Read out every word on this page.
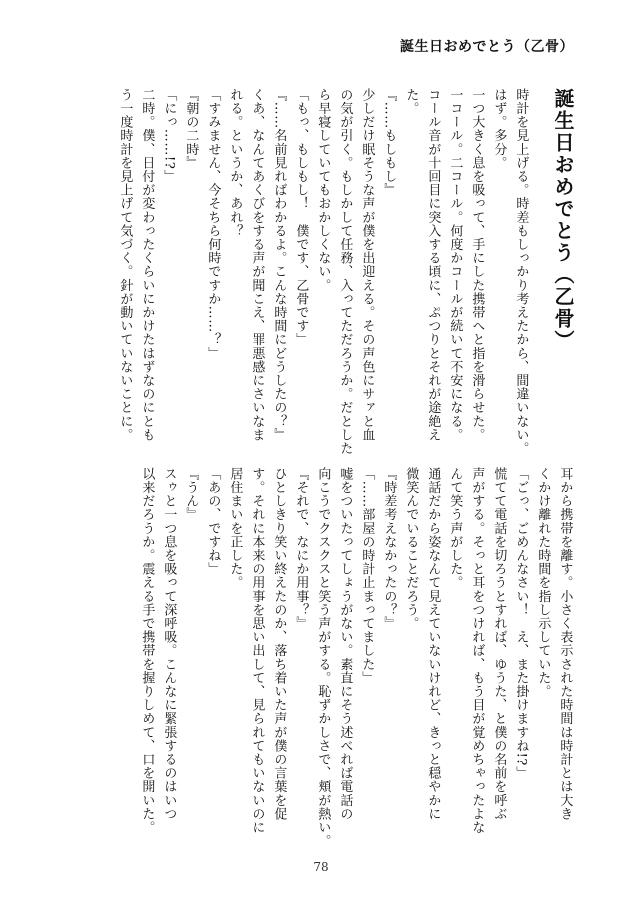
誕生日おめでとう（乙骨）
誕生日おめでとう（乙骨）
時計を見上げる。時差もしっかり考えたから、間違いない。
はず。多分。
一つ大きく息を吸って、手にした携帯へと指を滑らせた。
一コール。二コール。何度かコールが続いて不安になる。
コール音が十回目に突入する頃に、ぷつりとそれが途絶え
た。
『……もしもし』
少しだけ眠そうな声が僕を出迎える。その声色にサァと血
の気が引く。もしかして任務、入ってただろうか。だとした
ら早寝していてもおかしくない。
「もっ、もしもし！　僕です、乙骨です」
『……名前見ればわかるよ。こんな時間にどうしたの？』
くあ、なんてあくびをする声が聞こえ、罪悪感にさいなま
れる。というか、あれ？
「すみません、今そちら何時ですか……？」
『朝の二時』
「にっ……!?」
二時。僕、日付が変わったくらいにかけたはずなのにとも
う一度時計を見上げて気づく。針が動いていないことに。
耳から携帯を離す。小さく表示された時間は時計とは大き
くかけ離れた時間を指し示していた。
「ごっ、ごめんなさい！　え、また掛けますね!?」
慌てて電話を切ろうとすれば、ゆうた、と僕の名前を呼ぶ
声がする。そっと耳をつければ、もう目が覚めちゃったよな
んて笑う声がした。
通話だから姿なんて見えていないけれど、きっと穏やかに
微笑んでいることだろう。
『時差考えなかったの？』
「……部屋の時計止まってました」
嘘をついたってしょうがない。素直にそう述べれば電話の
向こうでクスクスと笑う声がする。恥ずかしさで、頬が熱い。
『それで、なにか用事？』
ひとしきり笑い終えたのか、落ち着いた声が僕の言葉を促
す。それに本来の用事を思い出して、見られてもいないのに
居住まいを正した。
「あの、ですね」
『うん』
スゥと一つ息を吸って深呼吸。こんなに緊張するのはいつ
以来だろうか。震える手で携帯を握りしめて、口を開いた。
78
